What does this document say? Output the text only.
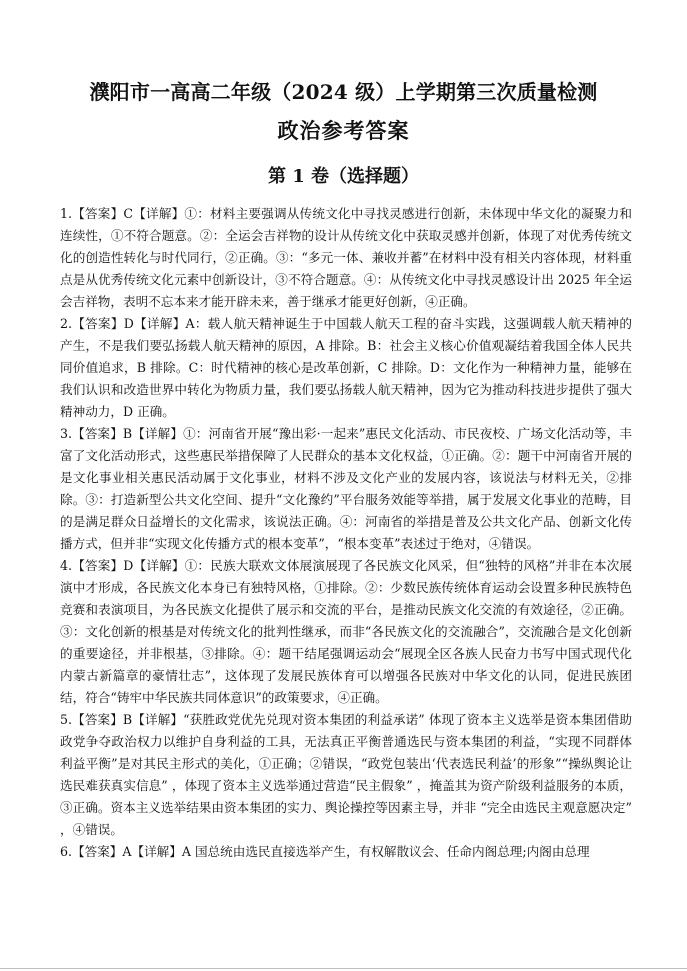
濮阳市一高高二年级（2024 级）上学期第三次质量检测
政治参考答案
第 1 卷（选择题）

1.【答案】C【详解】①：材料主要强调从传统文化中寻找灵感进行创新，未体现中华文化的凝聚力和连续性，①不符合题意。②：全运会吉祥物的设计从传统文化中获取灵感并创新，体现了对优秀传统文化的创造性转化与时代同行，②正确。③：“多元一体、兼收并蓄”在材料中没有相关内容体现，材料重点是从优秀传统文化元素中创新设计，③不符合题意。④：从传统文化中寻找灵感设计出 2025 年全运会吉祥物，表明不忘本来才能开辟未来，善于继承才能更好创新，④正确。

2.【答案】D【详解】A：载人航天精神诞生于中国载人航天工程的奋斗实践，这强调载人航天精神的产生，不是我们要弘扬载人航天精神的原因，A 排除。B：社会主义核心价值观凝结着我国全体人民共同价值追求，B 排除。C：时代精神的核心是改革创新，C 排除。D：文化作为一种精神力量，能够在我们认识和改造世界中转化为物质力量，我们要弘扬载人航天精神，因为它为推动科技进步提供了强大精神动力，D 正确。

3.【答案】B【详解】①：河南省开展“豫出彩·一起来”惠民文化活动、市民夜校、广场文化活动等，丰富了文化活动形式，这些惠民举措保障了人民群众的基本文化权益，①正确。②：题干中河南省开展的是文化事业相关惠民活动属于文化事业，材料不涉及文化产业的发展内容，该说法与材料无关，②排除。③：打造新型公共文化空间、提升“文化豫约”平台服务效能等举措，属于发展文化事业的范畴，目的是满足群众日益增长的文化需求，该说法正确。④：河南省的举措是普及公共文化产品、创新文化传播方式，但并非“实现文化传播方式的根本变革”，“根本变革”表述过于绝对，④错误。

4.【答案】D【详解】①：民族大联欢文体展演展现了各民族文化风采，但“独特的风格”并非在本次展演中才形成，各民族文化本身已有独特风格，①排除。②：少数民族传统体育运动会设置多种民族特色竞赛和表演项目，为各民族文化提供了展示和交流的平台，是推动民族文化交流的有效途径，②正确。③：文化创新的根基是对传统文化的批判性继承，而非“各民族文化的交流融合”，交流融合是文化创新的重要途径，并非根基，③排除。④：题干结尾强调运动会“展现全区各族人民奋力书写中国式现代化内蒙古新篇章的豪情壮志”，这体现了发展民族体育可以增强各民族对中华文化的认同，促进民族团结，符合“铸牢中华民族共同体意识”的政策要求，④正确。

5.【答案】B【详解】“获胜政党优先兑现对资本集团的利益承诺” 体现了资本主义选举是资本集团借助政党争夺政治权力以维护自身利益的工具，无法真正平衡普通选民与资本集团的利益，“实现不同群体利益平衡”是对其民主形式的美化，①正确；②错误，“政党包装出‘代表选民利益’的形象”“操纵舆论让选民难获真实信息” ，体现了资本主义选举通过营造“民主假象” ，掩盖其为资产阶级利益服务的本质，③正确。资本主义选举结果由资本集团的实力、舆论操控等因素主导，并非 “完全由选民主观意愿决定” ，④错误。

6.【答案】A【详解】A 国总统由选民直接选举产生，有权解散议会、任命内阁总理;内阁由总理
